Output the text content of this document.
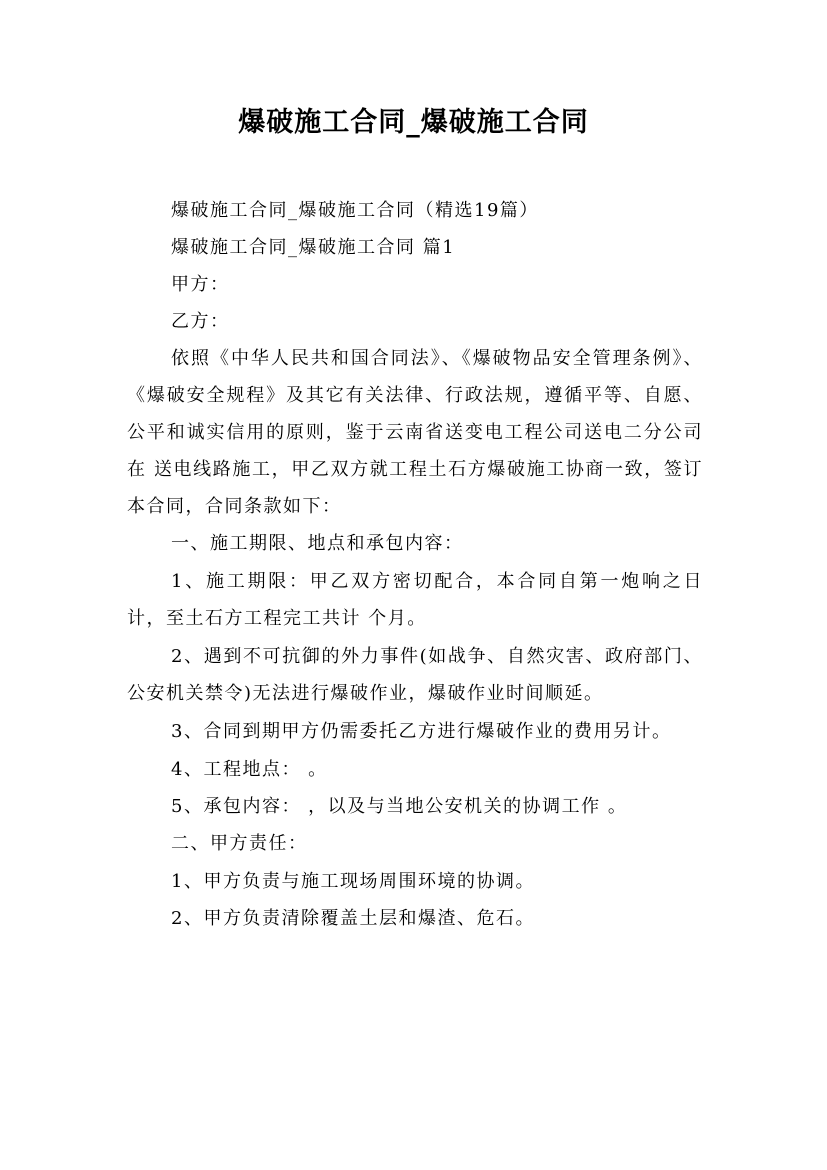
爆破施工合同_爆破施工合同

爆破施工合同_爆破施工合同（精选19篇）

爆破施工合同_爆破施工合同 篇1

甲方：

乙方：

依照《中华人民共和国合同法》、《爆破物品安全管理条例》、《爆破安全规程》及其它有关法律、行政法规，遵循平等、自愿、公平和诚实信用的原则，鉴于云南省送变电工程公司送电二分公司在 送电线路施工，甲乙双方就工程土石方爆破施工协商一致，签订本合同，合同条款如下：

一、施工期限、地点和承包内容：

1、施工期限：甲乙双方密切配合，本合同自第一炮响之日计，至土石方工程完工共计 个月。

2、遇到不可抗御的外力事件(如战争、自然灾害、政府部门、公安机关禁令)无法进行爆破作业，爆破作业时间顺延。

3、合同到期甲方仍需委托乙方进行爆破作业的费用另计。

4、工程地点： 。

5、承包内容： ，以及与当地公安机关的协调工作 。

二、甲方责任：

1、甲方负责与施工现场周围环境的协调。

2、甲方负责清除覆盖土层和爆渣、危石。
